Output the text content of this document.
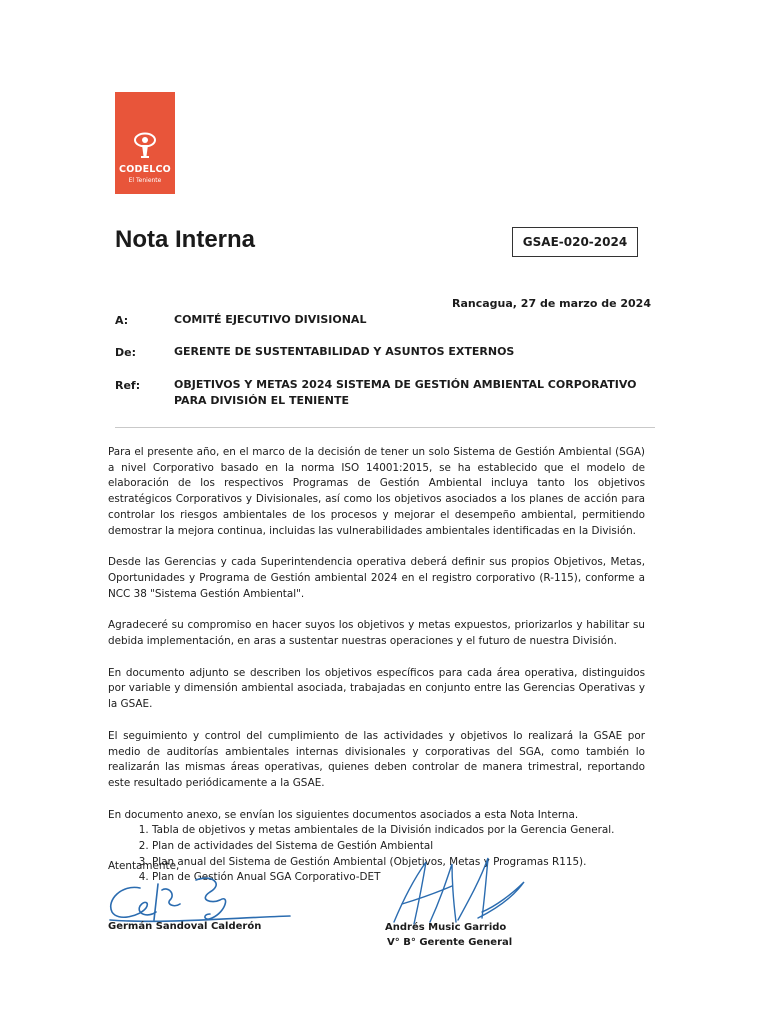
CODELCO
El Teniente
Nota Interna	GSAE-020-2024
Rancagua, 27 de marzo de 2024
A:	COMITÉ EJECUTIVO DIVISIONAL
De:	GERENTE DE SUSTENTABILIDAD Y ASUNTOS EXTERNOS
Ref:	OBJETIVOS Y METAS 2024 SISTEMA DE GESTIÓN AMBIENTAL CORPORATIVO PARA DIVISIÓN EL TENIENTE

Para el presente año, en el marco de la decisión de tener un solo Sistema de Gestión Ambiental (SGA) a nivel Corporativo basado en la norma ISO 14001:2015, se ha establecido que el modelo de elaboración de los respectivos Programas de Gestión Ambiental incluya tanto los objetivos estratégicos Corporativos y Divisionales, así como los objetivos asociados a los planes de acción para controlar los riesgos ambientales de los procesos y mejorar el desempeño ambiental, permitiendo demostrar la mejora continua, incluidas las vulnerabilidades ambientales identificadas en la División.

Desde las Gerencias y cada Superintendencia operativa deberá definir sus propios Objetivos, Metas, Oportunidades y Programa de Gestión ambiental 2024 en el registro corporativo (R-115), conforme a NCC 38 "Sistema Gestión Ambiental".

Agradeceré su compromiso en hacer suyos los objetivos y metas expuestos, priorizarlos y habilitar su debida implementación, en aras a sustentar nuestras operaciones y el futuro de nuestra División.

En documento adjunto se describen los objetivos específicos para cada área operativa, distinguidos por variable y dimensión ambiental asociada, trabajadas en conjunto entre las Gerencias Operativas y la GSAE.

El seguimiento y control del cumplimiento de las actividades y objetivos lo realizará la GSAE por medio de auditorías ambientales internas divisionales y corporativas del SGA, como también lo realizarán las mismas áreas operativas, quienes deben controlar de manera trimestral, reportando este resultado periódicamente a la GSAE.

En documento anexo, se envían los siguientes documentos asociados a esta Nota Interna.

1. Tabla de objetivos y metas ambientales de la División indicados por la Gerencia General.
2. Plan de actividades del Sistema de Gestión Ambiental
3. Plan anual del Sistema de Gestión Ambiental (Objetivos, Metas y Programas R115).
4. Plan de Gestión Anual SGA Corporativo-DET
Atentamente,
Germán Sandoval Calderón	Andrés Music Garrido
V° B° Gerente General
